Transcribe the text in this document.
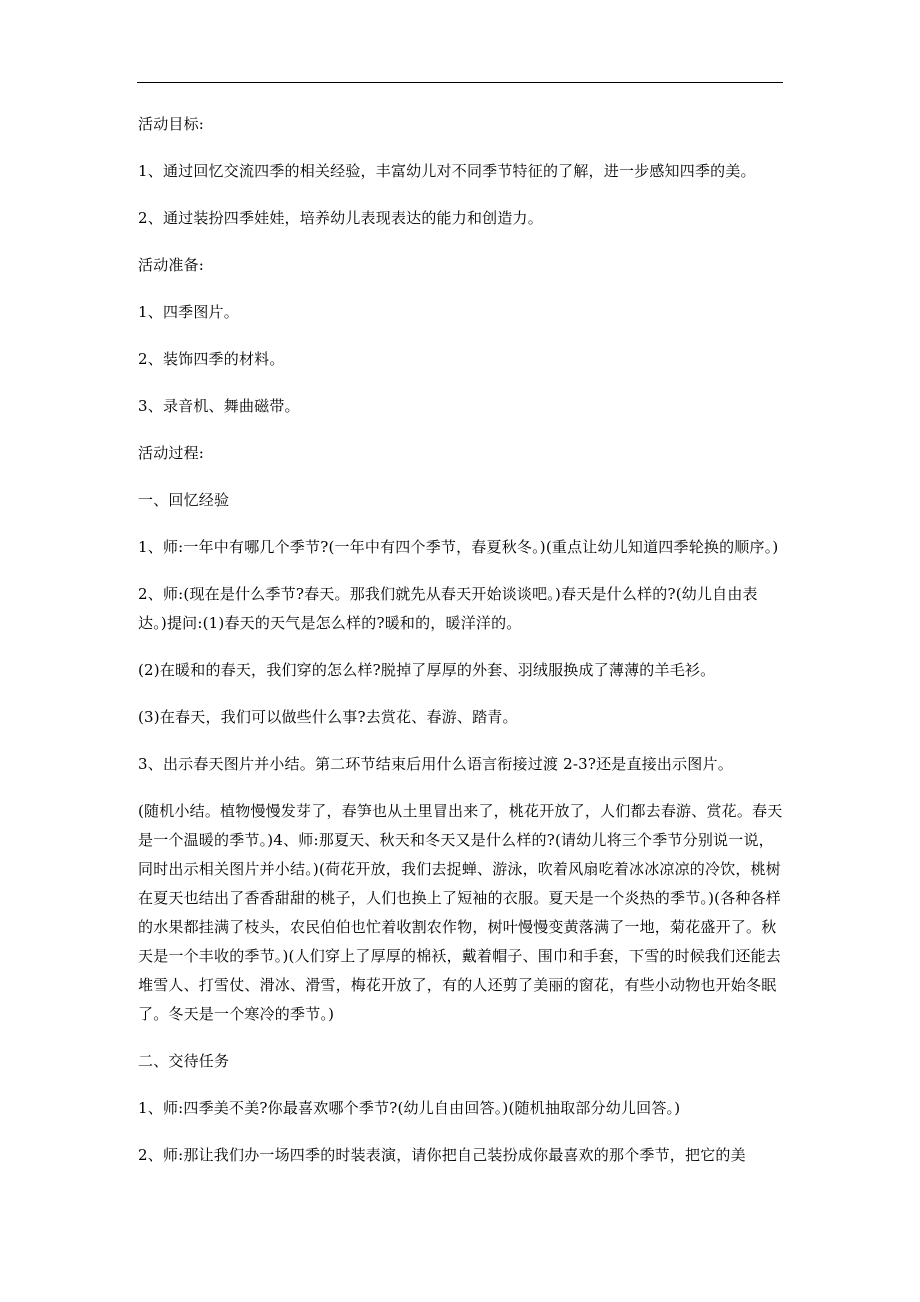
活动目标:

1、通过回忆交流四季的相关经验，丰富幼儿对不同季节特征的了解，进一步感知四季的美。

2、通过装扮四季娃娃，培养幼儿表现表达的能力和创造力。

活动准备:

1、四季图片。

2、装饰四季的材料。

3、录音机、舞曲磁带。

活动过程:

一、回忆经验

1、师:一年中有哪几个季节?(一年中有四个季节，春夏秋冬。)(重点让幼儿知道四季轮换的顺序。)

2、师:(现在是什么季节?春天。那我们就先从春天开始谈谈吧。)春天是什么样的?(幼儿自由表达。)提问:(1)春天的天气是怎么样的?暖和的，暖洋洋的。

(2)在暖和的春天，我们穿的怎么样?脱掉了厚厚的外套、羽绒服换成了薄薄的羊毛衫。

(3)在春天，我们可以做些什么事?去赏花、春游、踏青。

3、出示春天图片并小结。第二环节结束后用什么语言衔接过渡 2-3?还是直接出示图片。

(随机小结。植物慢慢发芽了，春笋也从土里冒出来了，桃花开放了，人们都去春游、赏花。春天是一个温暖的季节。)4、师:那夏天、秋天和冬天又是什么样的?(请幼儿将三个季节分别说一说，同时出示相关图片并小结。)(荷花开放，我们去捉蝉、游泳，吹着风扇吃着冰冰凉凉的冷饮，桃树在夏天也结出了香香甜甜的桃子，人们也换上了短袖的衣服。夏天是一个炎热的季节。)(各种各样的水果都挂满了枝头，农民伯伯也忙着收割农作物，树叶慢慢变黄落满了一地，菊花盛开了。秋天是一个丰收的季节。)(人们穿上了厚厚的棉袄，戴着帽子、围巾和手套，下雪的时候我们还能去堆雪人、打雪仗、滑冰、滑雪，梅花开放了，有的人还剪了美丽的窗花，有些小动物也开始冬眠了。冬天是一个寒冷的季节。)

二、交待任务

1、师:四季美不美?你最喜欢哪个季节?(幼儿自由回答。)(随机抽取部分幼儿回答。)

2、师:那让我们办一场四季的时装表演，请你把自己装扮成你最喜欢的那个季节，把它的美
